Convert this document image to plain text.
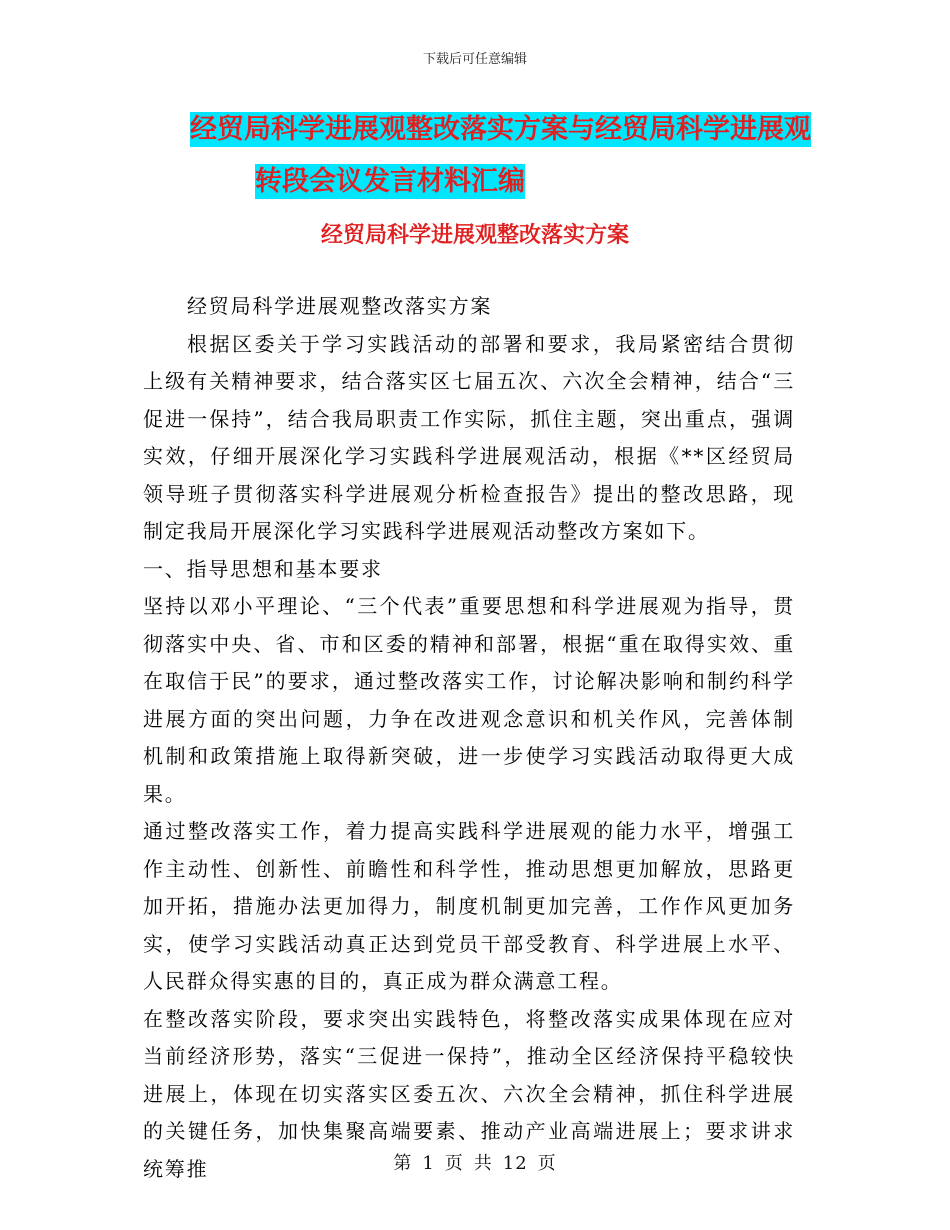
下载后可任意编辑
经贸局科学进展观整改落实方案与经贸局科学进展观
转段会议发言材料汇编
经贸局科学进展观整改落实方案

经贸局科学进展观整改落实方案

根据区委关于学习实践活动的部署和要求，我局紧密结合贯彻上级有关精神要求，结合落实区七届五次、六次全会精神，结合“三促进一保持”，结合我局职责工作实际，抓住主题，突出重点，强调实效，仔细开展深化学习实践科学进展观活动，根据《**区经贸局领导班子贯彻落实科学进展观分析检查报告》提出的整改思路，现制定我局开展深化学习实践科学进展观活动整改方案如下。

一、指导思想和基本要求

坚持以邓小平理论、“三个代表”重要思想和科学进展观为指导，贯彻落实中央、省、市和区委的精神和部署，根据“重在取得实效、重在取信于民”的要求，通过整改落实工作，讨论解决影响和制约科学进展方面的突出问题，力争在改进观念意识和机关作风，完善体制机制和政策措施上取得新突破，进一步使学习实践活动取得更大成果。

通过整改落实工作，着力提高实践科学进展观的能力水平，增强工作主动性、创新性、前瞻性和科学性，推动思想更加解放，思路更加开拓，措施办法更加得力，制度机制更加完善，工作作风更加务实，使学习实践活动真正达到党员干部受教育、科学进展上水平、人民群众得实惠的目的，真正成为群众满意工程。

在整改落实阶段，要求突出实践特色，将整改落实成果体现在应对当前经济形势，落实“三促进一保持”，推动全区经济保持平稳较快进展上，体现在切实落实区委五次、六次全会精神，抓住科学进展的关键任务，加快集聚高端要素、推动产业高端进展上；要求讲求统筹推	第 1 页 共 12 页
